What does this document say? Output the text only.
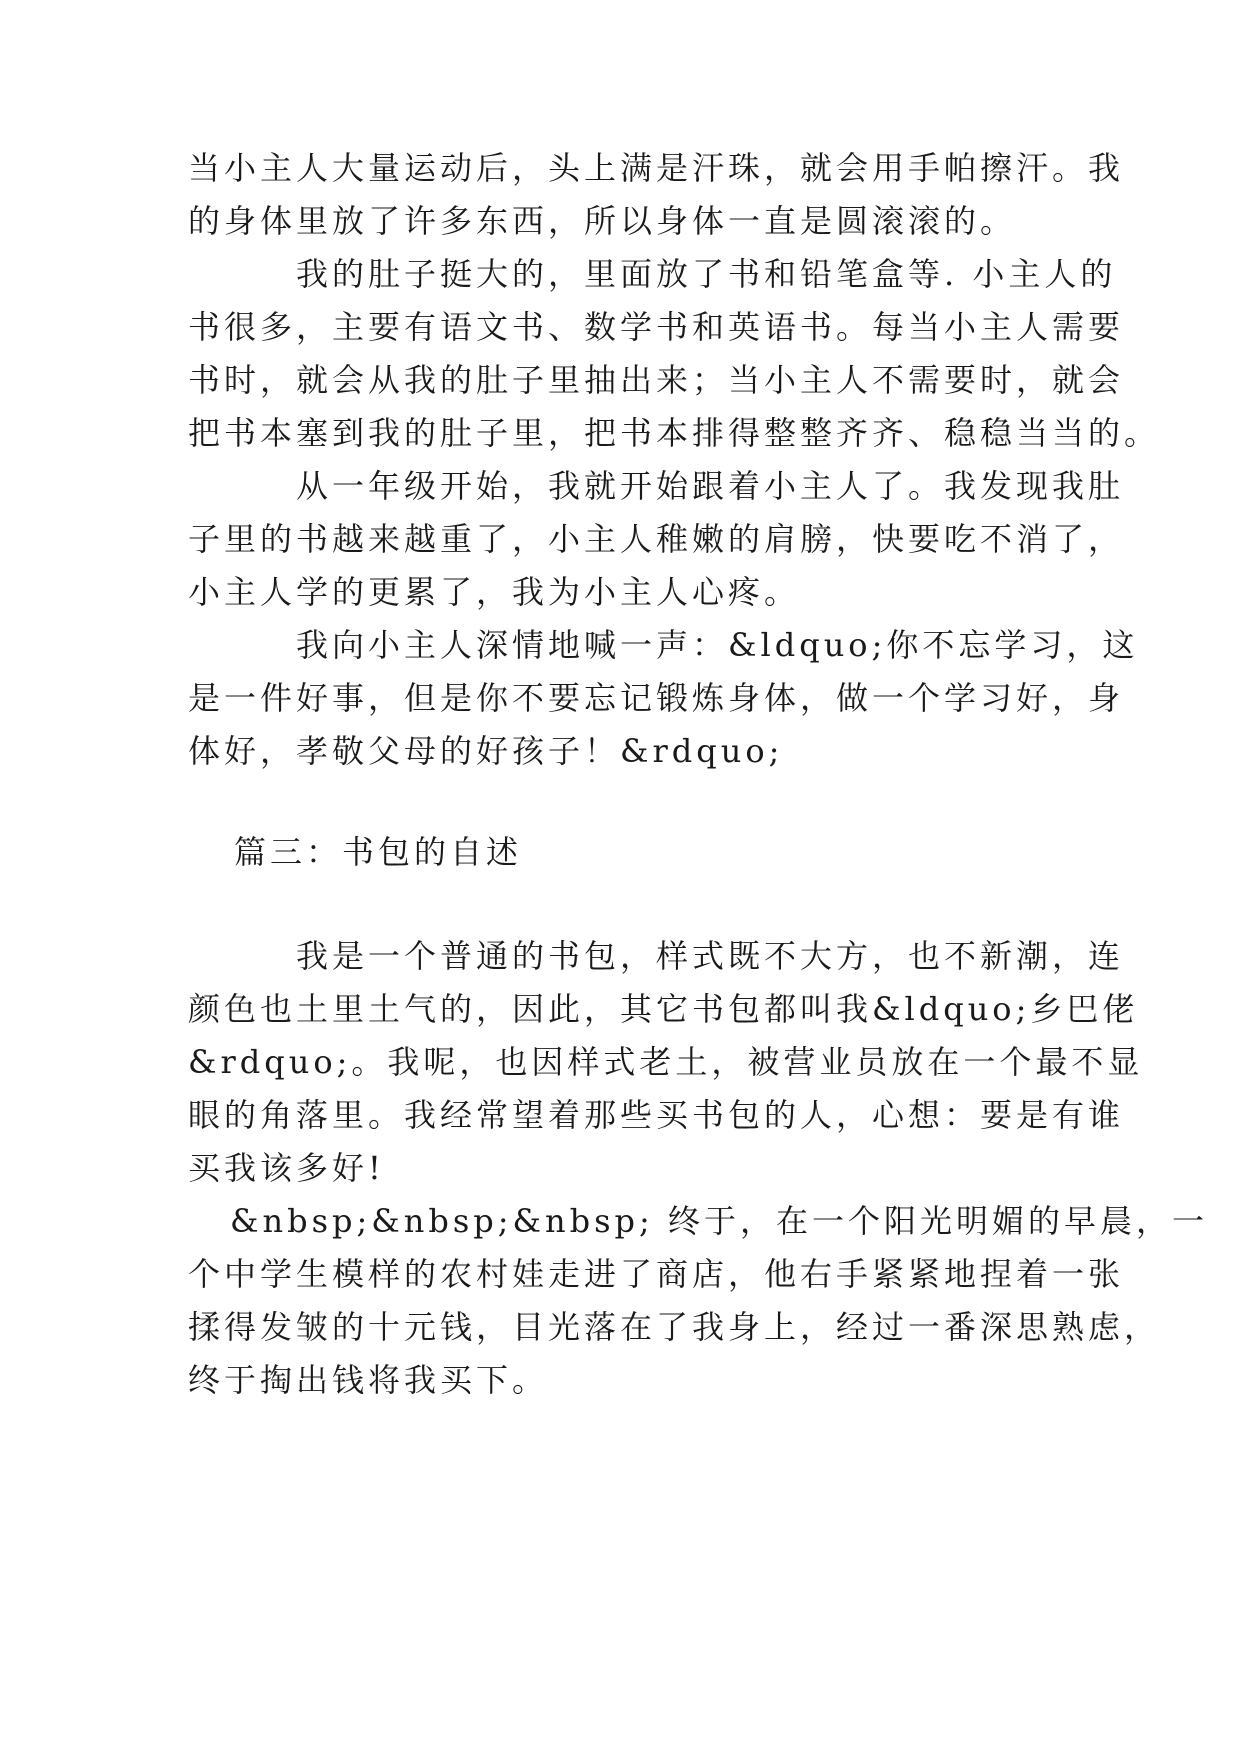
当小主人大量运动后，头上满是汗珠，就会用手帕擦汗。我
的身体里放了许多东西，所以身体一直是圆滚滚的。
我的肚子挺大的，里面放了书和铅笔盒等. 小主人的
书很多，主要有语文书、数学书和英语书。每当小主人需要
书时，就会从我的肚子里抽出来；当小主人不需要时，就会
把书本塞到我的肚子里，把书本排得整整齐齐、稳稳当当的。
从一年级开始，我就开始跟着小主人了。我发现我肚
子里的书越来越重了，小主人稚嫩的肩膀，快要吃不消了，
小主人学的更累了，我为小主人心疼。
我向小主人深情地喊一声：&ldquo;你不忘学习，这
是一件好事，但是你不要忘记锻炼身体，做一个学习好，身
体好，孝敬父母的好孩子！&rdquo;
篇三：书包的自述
我是一个普通的书包，样式既不大方，也不新潮，连
颜色也土里土气的，因此，其它书包都叫我&ldquo;乡巴佬
&rdquo;。我呢，也因样式老土，被营业员放在一个最不显
眼的角落里。我经常望着那些买书包的人，心想：要是有谁
买我该多好!
&nbsp;&nbsp;&nbsp; 终于，在一个阳光明媚的早晨，一
个中学生模样的农村娃走进了商店，他右手紧紧地捏着一张
揉得发皱的十元钱，目光落在了我身上，经过一番深思熟虑，
终于掏出钱将我买下。
